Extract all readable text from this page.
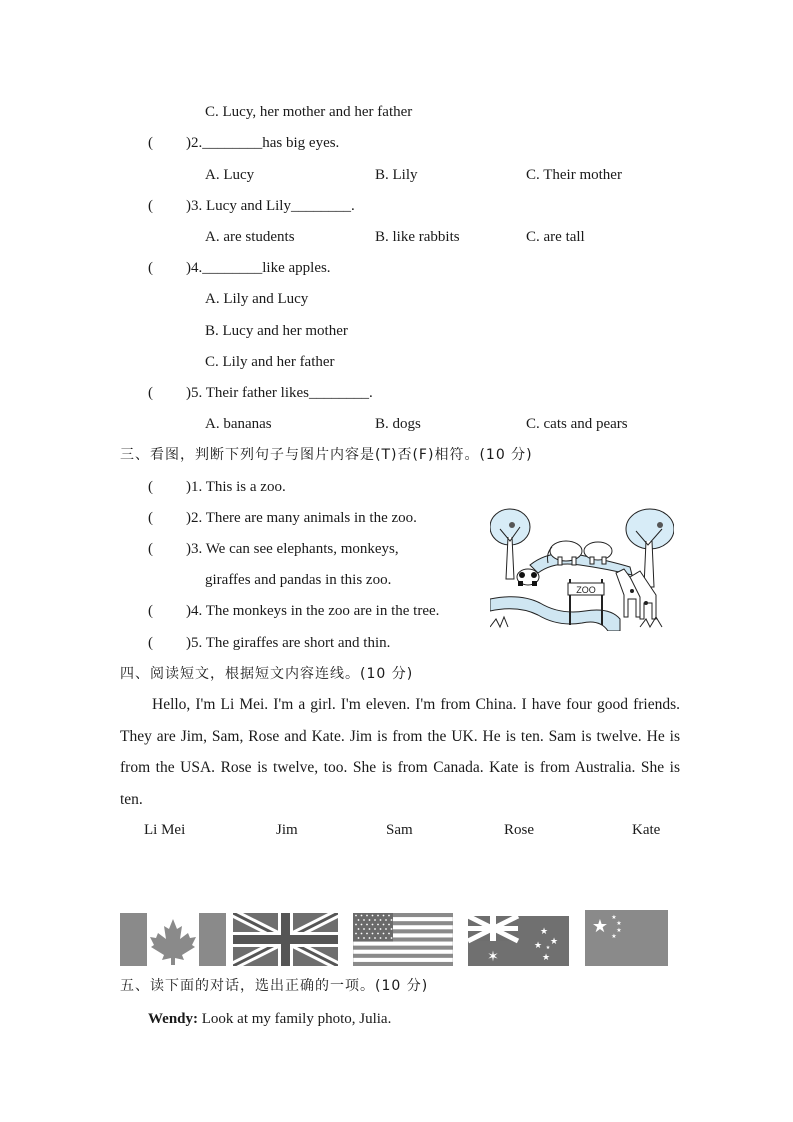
C. Lucy, her mother and her father
( )2.________has big eyes.
A. Lucy	B. Lily	C. Their mother
( )3. Lucy and Lily________.
A. are students	B. like rabbits	C. are tall
( )4.________like apples.
A. Lily and Lucy
B. Lucy and her mother
C. Lily and her father
( )5. Their father likes________.
A. bananas	B. dogs	C. cats and pears
三、看图，判断下列句子与图片内容是(T)否(F)相符。(10 分)
( )1. This is a zoo.
( )2. There are many animals in the zoo.
( )3. We can see elephants, monkeys,
giraffes and pandas in this zoo.
( )4. The monkeys in the zoo are in the tree.
( )5. The giraffes are short and thin.
ZOO
四、阅读短文，根据短文内容连线。(10 分)
Hello, I'm Li Mei. I'm a girl. I'm eleven. I'm from China. I have four good friends. They are Jim, Sam, Rose and Kate. Jim is from the UK. He is ten. Sam is twelve. He is from the USA. Rose is twelve, too. She is from Canada. Kate is from Australia. She is ten.
Li Mei	Jim	Sam	Rose	Kate
✶
★
★
★
★
★
★ ★
★
★
★
五、读下面的对话，选出正确的一项。(10 分)
Wendy: Look at my family photo, Julia.
